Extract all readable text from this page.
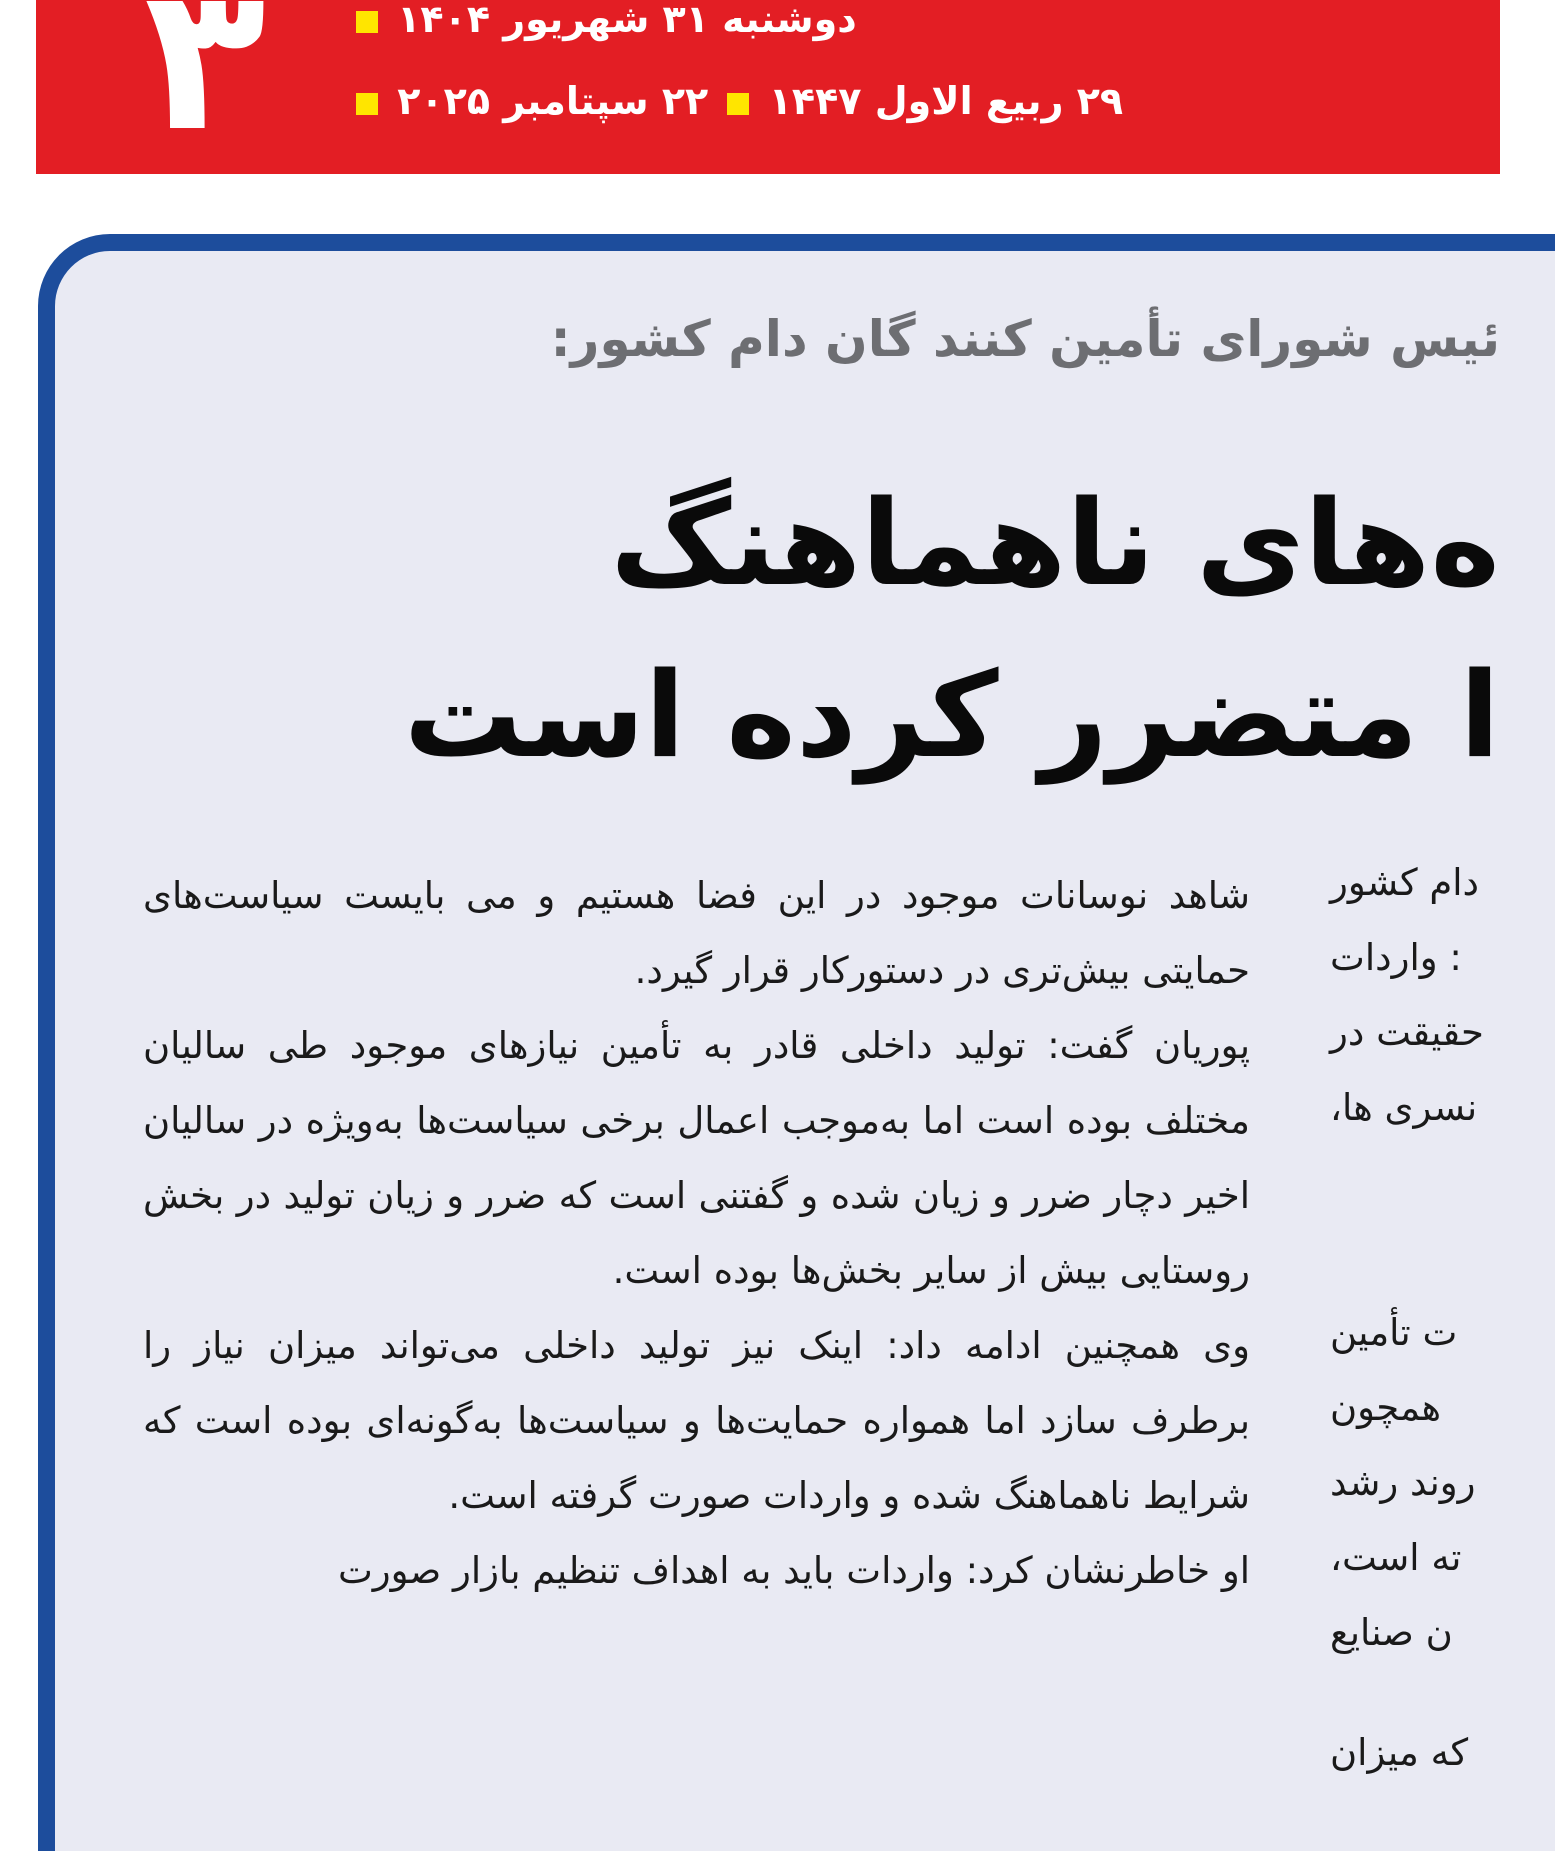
۳	دوشنبه ۳۱ شهریور ۱۴۰۴
۲۹ ربیع الاول ۱۴۴۷  ۲۲ سپتامبر ۲۰۲۵
ئیس شورای تأمین کنند گان دام کشور:
ه‌های ناهماهنگ
ا متضرر کرده است

شاهد نوسانات موجود در این فضا هستیم و می بایست سیاست‌های حمایتی بیش‌تری در دستورکار قرار گیرد.

پوریان گفت: تولید داخلی قادر به تأمین نیازهای موجود طی سالیان مختلف بوده است اما به‌موجب اعمال برخی سیاست‌ها به‌ویژه در سالیان اخیر دچار ضرر و زیان شده و گفتنی است که ضرر و زیان تولید در بخش روستایی بیش از سایر بخش‌ها بوده است.

وی همچنین ادامه داد: اینک نیز تولید داخلی می‌تواند میزان نیاز را برطرف سازد اما همواره حمایت‌ها و سیاست‌ها به‌گونه‌ای بوده است که شرایط ناهماهنگ شده و واردات صورت گرفته است.

او خاطرنشان کرد: واردات باید به اهداف تنظیم بازار صورت

دام کشور
: واردات
حقیقت در
نسری ها،
ت تأمین
همچون
روند رشد
ته است،
ن صنایع
که میزان
